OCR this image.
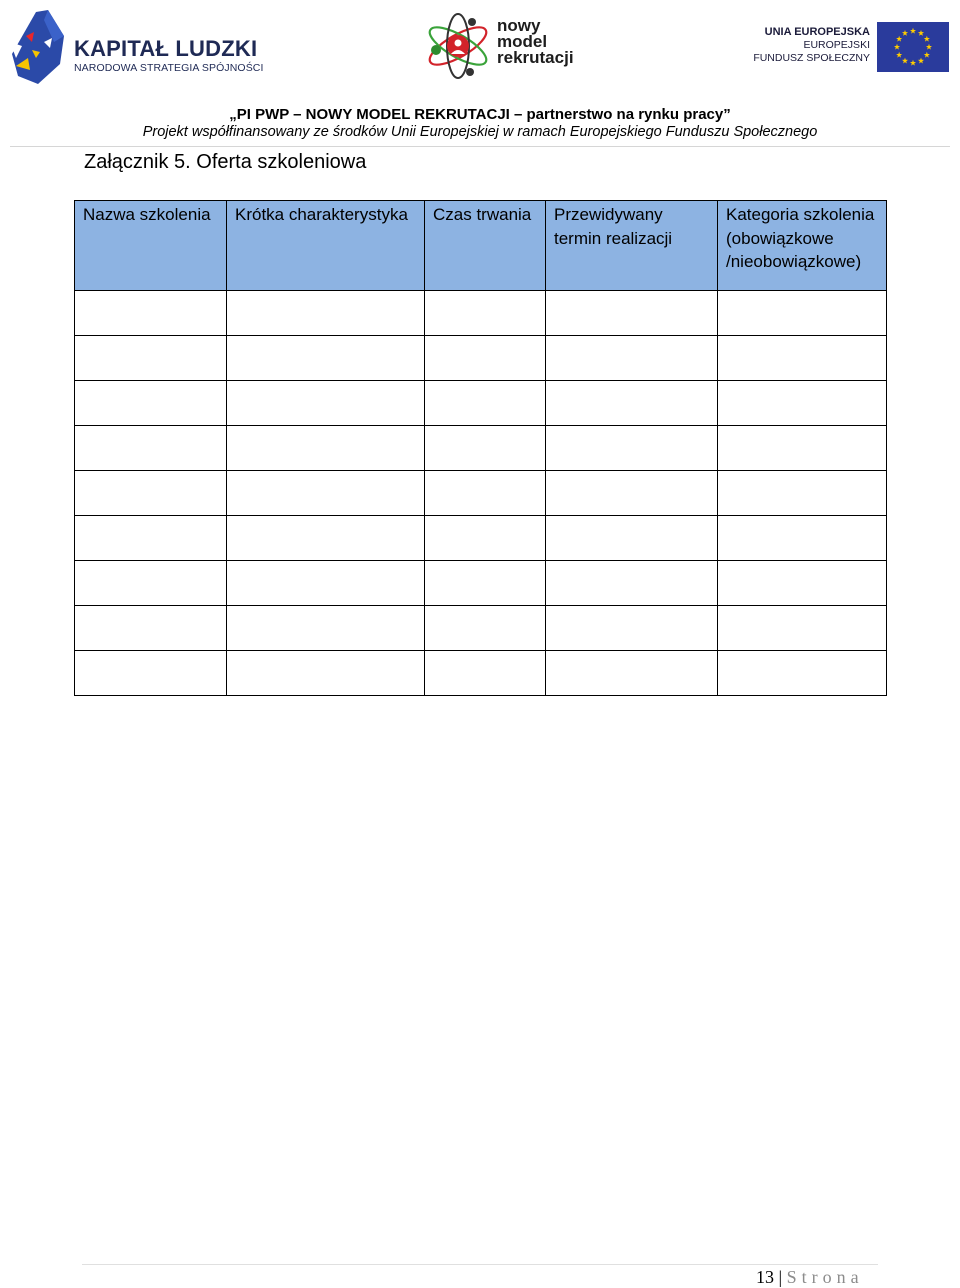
KAPITAŁ LUDZKI
NARODOWA STRATEGIA SPÓJNOŚCI
nowy
model
rekrutacji
UNIA EUROPEJSKA
EUROPEJSKI
FUNDUSZ SPOŁECZNY
„PI PWP – NOWY MODEL REKRUTACJI – partnerstwo na rynku pracy”
Projekt współfinansowany ze środków Unii Europejskiej w ramach Europejskiego Funduszu Społecznego
Załącznik 5. Oferta szkoleniowa
Nazwa szkolenia	Krótka charakterystyka	Czas trwania	Przewidywany termin realizacji	Kategoria szkolenia (obowiązkowe /nieobowiązkowe)

13 | Strona
